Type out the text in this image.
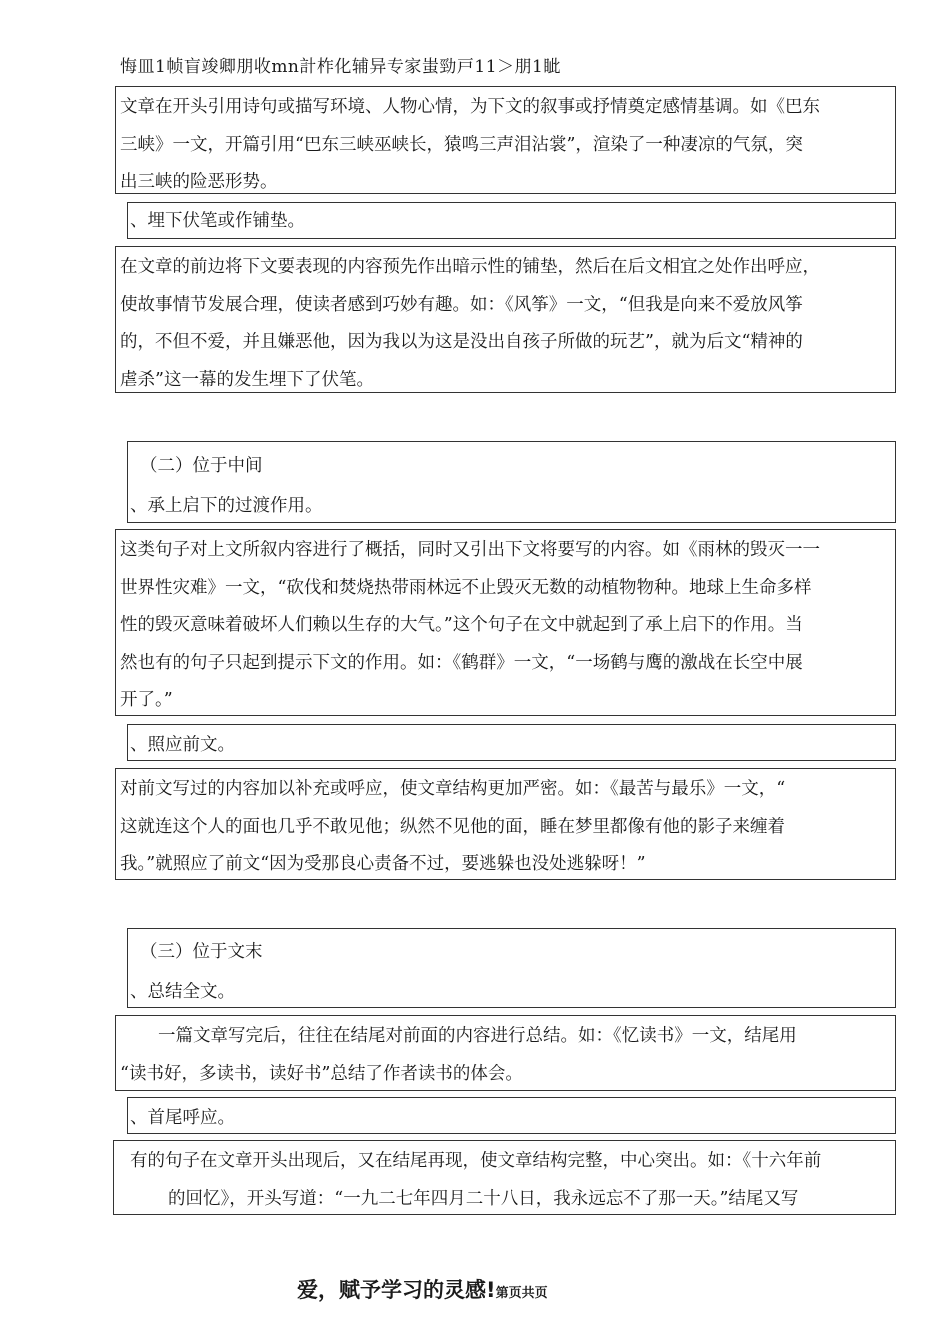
悔皿1帧盲竣卿朋收mn計柞化辅异专家蚩勁戸11＞朋1眦

文章在开头引用诗句或描写环境、人物心情，为下文的叙事或抒情奠定感情基调。如《巴东

三峡》一文，开篇引用“巴东三峡巫峡长，猿鸣三声泪沾裳”，渲染了一种凄凉的气氛，突

出三峡的险恶形势。

、埋下伏笔或作铺垫。

在文章的前边将下文要表现的内容预先作出暗示性的铺垫，然后在后文相宜之处作出呼应，

使故事情节发展合理，使读者感到巧妙有趣。如：《风筝》一文，“但我是向来不爱放风筝

的，不但不爱，并且嫌恶他，因为我以为这是没出自孩子所做的玩艺”，就为后文“精神的

虐杀”这一幕的发生埋下了伏笔。

（二）位于中间

、承上启下的过渡作用。

这类句子对上文所叙内容进行了概括，同时又引出下文将要写的内容。如《雨林的毁灭一一

世界性灾难》一文，“砍伐和焚烧热带雨林远不止毁灭无数的动植物物种。地球上生命多样

性的毁灭意味着破坏人们赖以生存的大气。”这个句子在文中就起到了承上启下的作用。当

然也有的句子只起到提示下文的作用。如：《鹤群》一文，“一场鹤与鹰的激战在长空中展

开了。”

、照应前文。

对前文写过的内容加以补充或呼应，使文章结构更加严密。如：《最苦与最乐》一文，“

这就连这个人的面也几乎不敢见他；纵然不见他的面，睡在梦里都像有他的影子来缠着

我。”就照应了前文“因为受那良心责备不过，要逃躲也没处逃躲呀！”

（三）位于文末

、总结全文。

一篇文章写完后，往往在结尾对前面的内容进行总结。如：《忆读书》一文，结尾用

“读书好，多读书，读好书”总结了作者读书的体会。

、首尾呼应。

有的句子在文章开头出现后，又在结尾再现，使文章结构完整，中心突出。如：《十六年前

的回忆》，开头写道：“一九二七年四月二十八日，我永远忘不了那一天。”结尾又写

爱，赋予学习的灵感!第页共页
